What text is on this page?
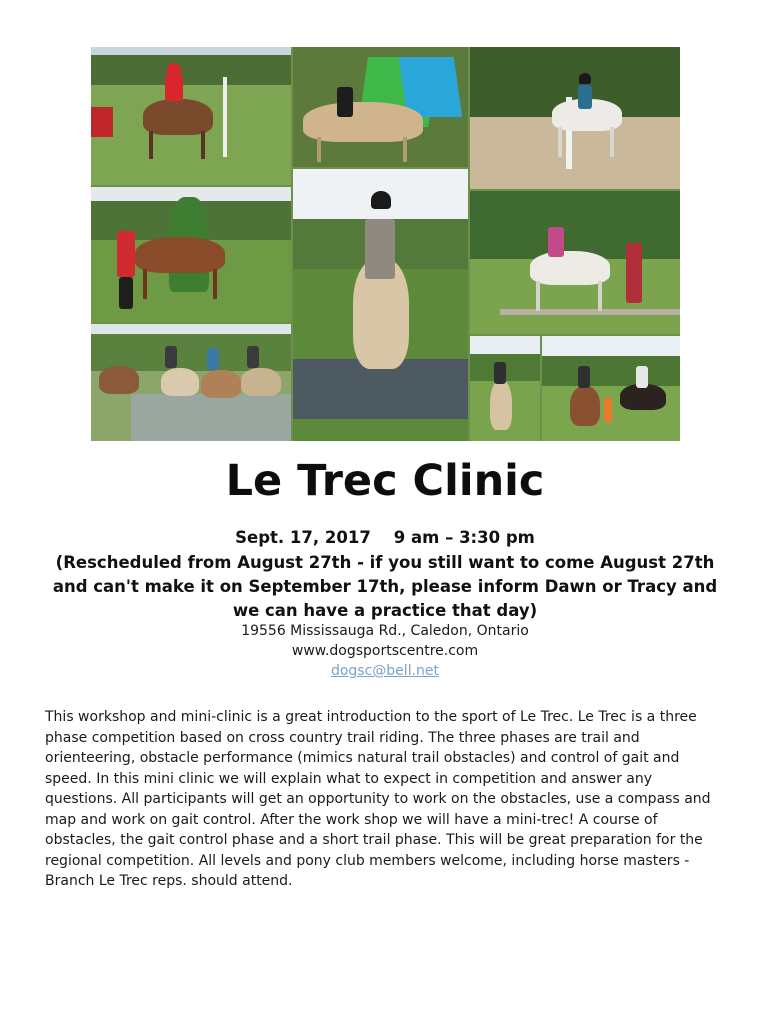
Le Trec Clinic
Sept. 17, 2017    9 am – 3:30 pm
(Rescheduled from August 27th - if you still want to come August 27th and can't make it on September 17th, please inform Dawn or Tracy and we can have a practice that day)
19556 Mississauga Rd., Caledon, Ontario
www.dogsportscentre.com
dogsc@bell.net
This workshop and mini-clinic is a great introduction to the sport of Le Trec. Le Trec is a three phase competition based on cross country trail riding. The three phases are trail and orienteering, obstacle performance (mimics natural trail obstacles) and control of gait and speed. In this mini clinic we will explain what to expect in competition and answer any questions. All participants will get an opportunity to work on the obstacles, use a compass and map and work on gait control. After the work shop we will have a mini-trec! A course of obstacles, the gait control phase and a short trail phase. This will be great preparation for the regional competition. All levels and pony club members welcome, including horse masters - Branch Le Trec reps. should attend.
